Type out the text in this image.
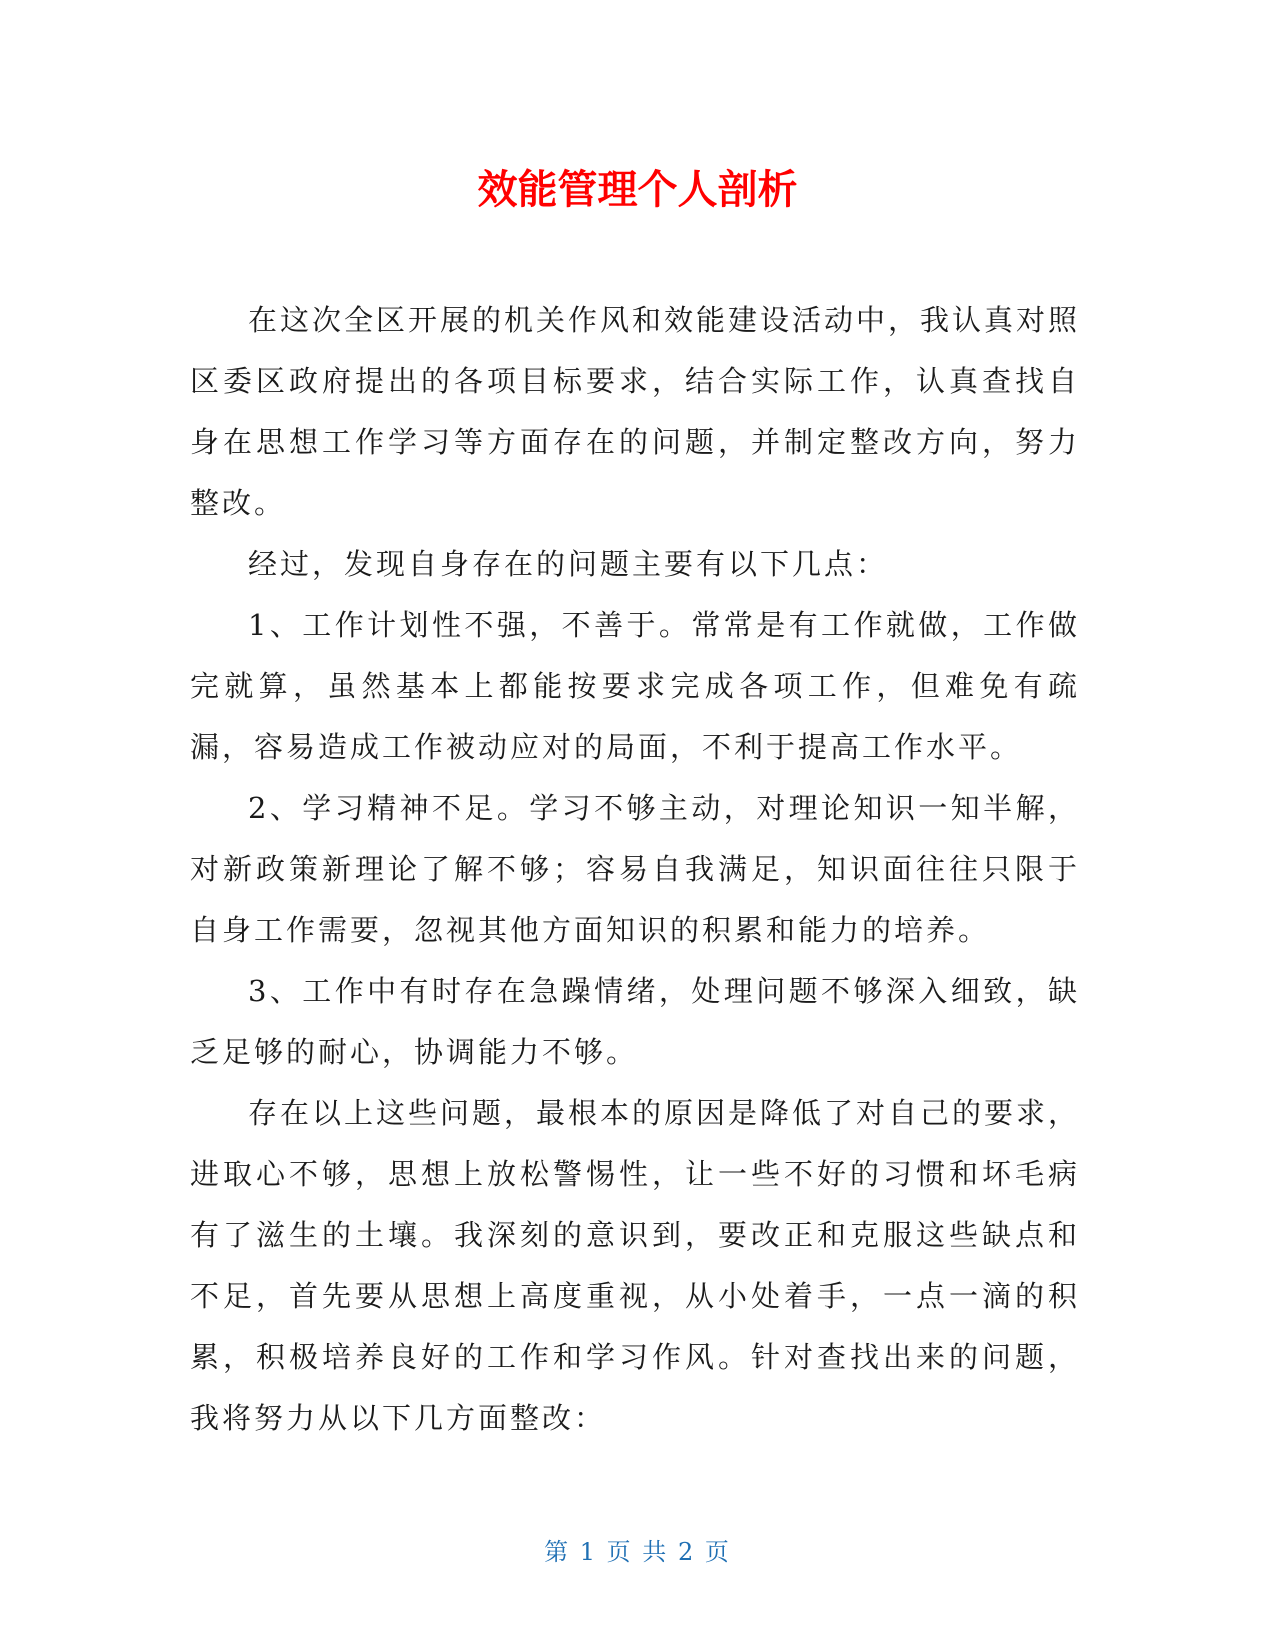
效能管理个人剖析

在这次全区开展的机关作风和效能建设活动中，我认真对照区委区政府提出的各项目标要求，结合实际工作，认真查找自身在思想工作学习等方面存在的问题，并制定整改方向，努力整改。

经过，发现自身存在的问题主要有以下几点：

1、工作计划性不强，不善于。常常是有工作就做，工作做完就算，虽然基本上都能按要求完成各项工作，但难免有疏漏，容易造成工作被动应对的局面，不利于提高工作水平。

2、学习精神不足。学习不够主动，对理论知识一知半解，对新政策新理论了解不够；容易自我满足，知识面往往只限于自身工作需要，忽视其他方面知识的积累和能力的培养。

3、工作中有时存在急躁情绪，处理问题不够深入细致，缺乏足够的耐心，协调能力不够。

存在以上这些问题，最根本的原因是降低了对自己的要求，进取心不够，思想上放松警惕性，让一些不好的习惯和坏毛病有了滋生的土壤。我深刻的意识到，要改正和克服这些缺点和不足，首先要从思想上高度重视，从小处着手，一点一滴的积累，积极培养良好的工作和学习作风。针对查找出来的问题，我将努力从以下几方面整改：

第 1 页 共 2 页
